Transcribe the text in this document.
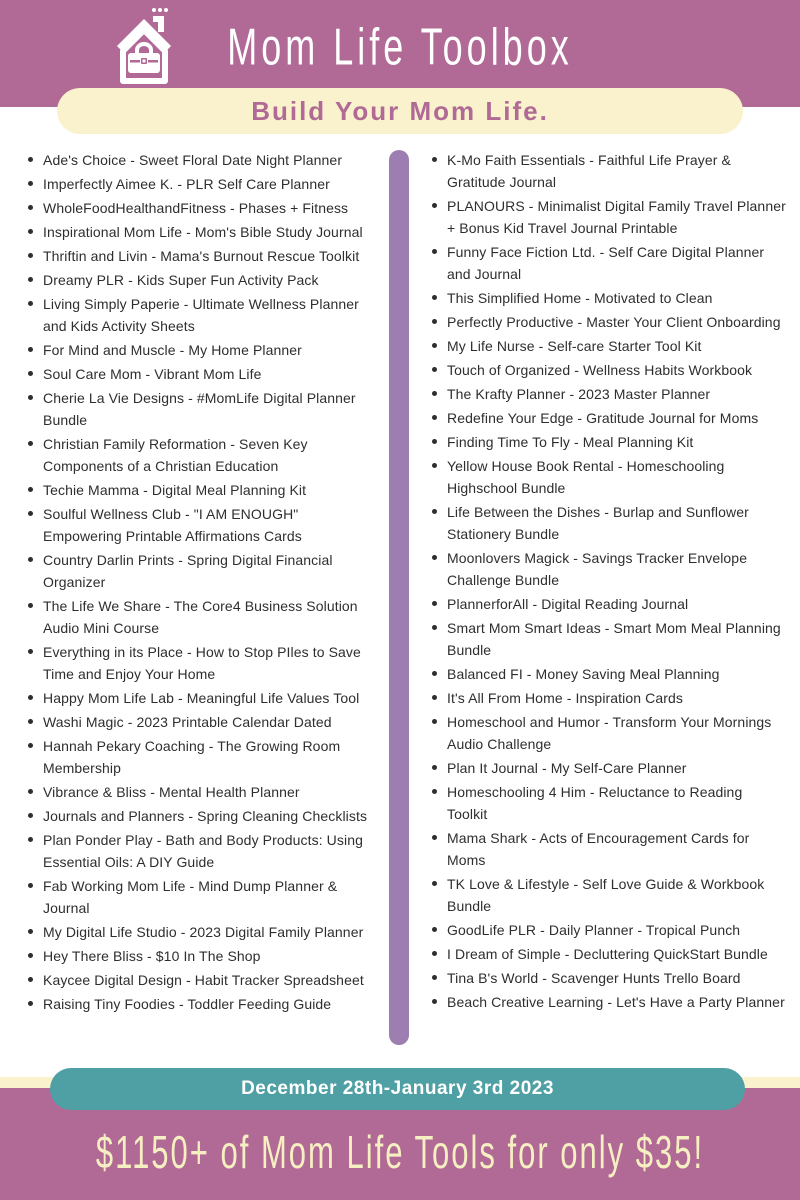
Mom Life Toolbox
Build Your Mom Life.
Ade's Choice - Sweet Floral Date Night Planner
Imperfectly Aimee K. - PLR Self Care Planner
WholeFoodHealthandFitness - Phases + Fitness
Inspirational Mom Life - Mom's Bible Study Journal
Thriftin and Livin - Mama's Burnout Rescue Toolkit
Dreamy PLR - Kids Super Fun Activity Pack
Living Simply Paperie - Ultimate Wellness Planner and Kids Activity Sheets
For Mind and Muscle - My Home Planner
Soul Care Mom - Vibrant Mom Life
Cherie La Vie Designs - #MomLife Digital Planner Bundle
Christian Family Reformation - Seven Key Components of a Christian Education
Techie Mamma - Digital Meal Planning Kit
Soulful Wellness Club - "I AM ENOUGH" Empowering Printable Affirmations Cards
Country Darlin Prints - Spring Digital Financial Organizer
The Life We Share - The Core4 Business Solution Audio Mini Course
Everything in its Place - How to Stop PIles to Save Time and Enjoy Your Home
Happy Mom Life Lab - Meaningful Life Values Tool
Washi Magic - 2023 Printable Calendar Dated
Hannah Pekary Coaching - The Growing Room Membership
Vibrance & Bliss - Mental Health Planner
Journals and Planners - Spring Cleaning Checklists
Plan Ponder Play - Bath and Body Products: Using Essential Oils: A DIY Guide
Fab Working Mom Life - Mind Dump Planner & Journal
My Digital Life Studio - 2023 Digital Family Planner
Hey There Bliss - $10 In The Shop
Kaycee Digital Design - Habit Tracker Spreadsheet
Raising Tiny Foodies - Toddler Feeding Guide
K-Mo Faith Essentials - Faithful Life Prayer & Gratitude Journal
PLANOURS - Minimalist Digital Family Travel Planner + Bonus Kid Travel Journal Printable
Funny Face Fiction Ltd. - Self Care Digital Planner and Journal
This Simplified Home - Motivated to Clean
Perfectly Productive - Master Your Client Onboarding
My Life Nurse - Self-care Starter Tool Kit
Touch of Organized - Wellness Habits Workbook
The Krafty Planner - 2023 Master Planner
Redefine Your Edge - Gratitude Journal for Moms
Finding Time To Fly - Meal Planning Kit
Yellow House Book Rental - Homeschooling Highschool Bundle
Life Between the Dishes - Burlap and Sunflower Stationery Bundle
Moonlovers Magick - Savings Tracker Envelope Challenge Bundle
PlannerforAll - Digital Reading Journal
Smart Mom Smart Ideas - Smart Mom Meal Planning Bundle
Balanced FI - Money Saving Meal Planning
It's All From Home - Inspiration Cards
Homeschool and Humor - Transform Your Mornings Audio Challenge
Plan It Journal - My Self-Care Planner
Homeschooling 4 Him - Reluctance to Reading Toolkit
Mama Shark - Acts of Encouragement Cards for Moms
TK Love & Lifestyle - Self Love Guide & Workbook Bundle
GoodLife PLR - Daily Planner - Tropical Punch
I Dream of Simple - Decluttering QuickStart Bundle
Tina B's World - Scavenger Hunts Trello Board
Beach Creative Learning - Let's Have a Party Planner
December 28th-January 3rd 2023
$1150+ of Mom Life Tools for only $35!
